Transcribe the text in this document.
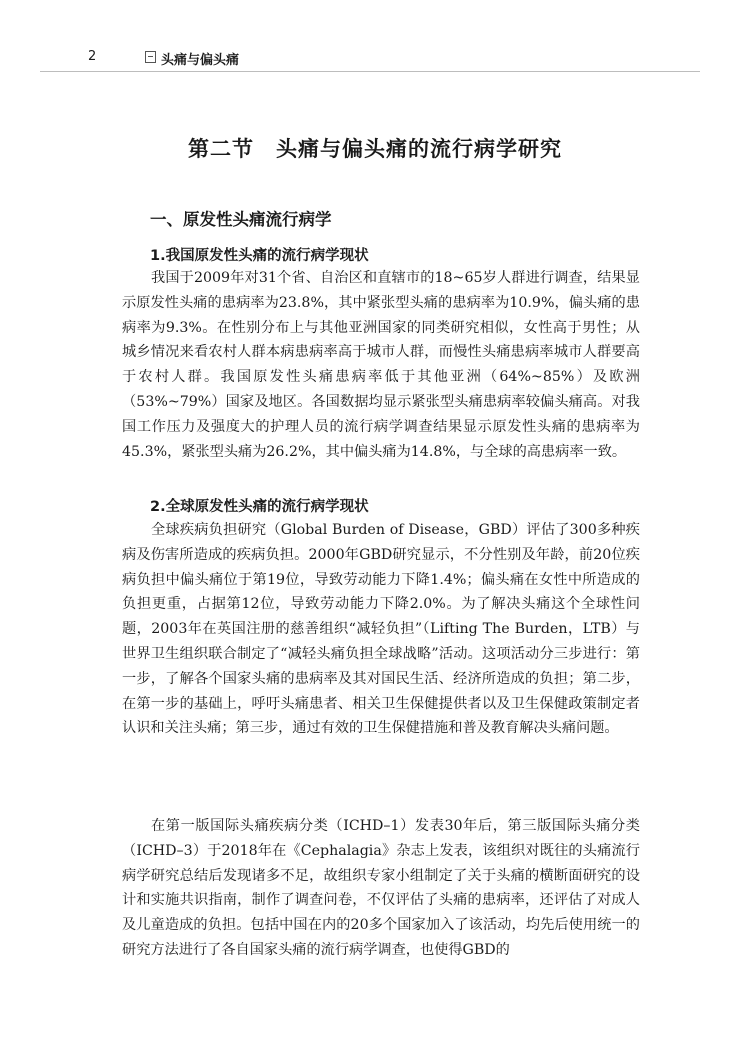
2	头痛与偏头痛
第二节 头痛与偏头痛的流行病学研究
一、原发性头痛流行病学
1.我国原发性头痛的流行病学现状

我国于2009年对31个省、自治区和直辖市的18~65岁人群进行调查，结果显示原发性头痛的患病率为23.8%，其中紧张型头痛的患病率为10.9%，偏头痛的患病率为9.3%。在性别分布上与其他亚洲国家的同类研究相似，女性高于男性；从城乡情况来看农村人群本病患病率高于城市人群，而慢性头痛患病率城市人群要高于农村人群。我国原发性头痛患病率低于其他亚洲（64%~85%）及欧洲（53%~79%）国家及地区。各国数据均显示紧张型头痛患病率较偏头痛高。对我国工作压力及强度大的护理人员的流行病学调查结果显示原发性头痛的患病率为45.3%，紧张型头痛为26.2%，其中偏头痛为14.8%，与全球的高患病率一致。

2.全球原发性头痛的流行病学现状

全球疾病负担研究（Global Burden of Disease，GBD）评估了300多种疾病及伤害所造成的疾病负担。2000年GBD研究显示，不分性别及年龄，前20位疾病负担中偏头痛位于第19位，导致劳动能力下降1.4%；偏头痛在女性中所造成的负担更重，占据第12位，导致劳动能力下降2.0%。为了解决头痛这个全球性问题，2003年在英国注册的慈善组织“减轻负担”（Lifting The Burden，LTB）与世界卫生组织联合制定了“减轻头痛负担全球战略”活动。这项活动分三步进行：第一步，了解各个国家头痛的患病率及其对国民生活、经济所造成的负担；第二步，在第一步的基础上，呼吁头痛患者、相关卫生保健提供者以及卫生保健政策制定者认识和关注头痛；第三步，通过有效的卫生保健措施和普及教育解决头痛问题。

在第一版国际头痛疾病分类（ICHD–1）发表30年后，第三版国际头痛分类（ICHD–3）于2018年在《Cephalagia》杂志上发表，该组织对既往的头痛流行病学研究总结后发现诸多不足，故组织专家小组制定了关于头痛的横断面研究的设计和实施共识指南，制作了调查问卷，不仅评估了头痛的患病率，还评估了对成人及儿童造成的负担。包括中国在内的20多个国家加入了该活动，均先后使用统一的研究方法进行了各自国家头痛的流行病学调查，也使得GBD的
